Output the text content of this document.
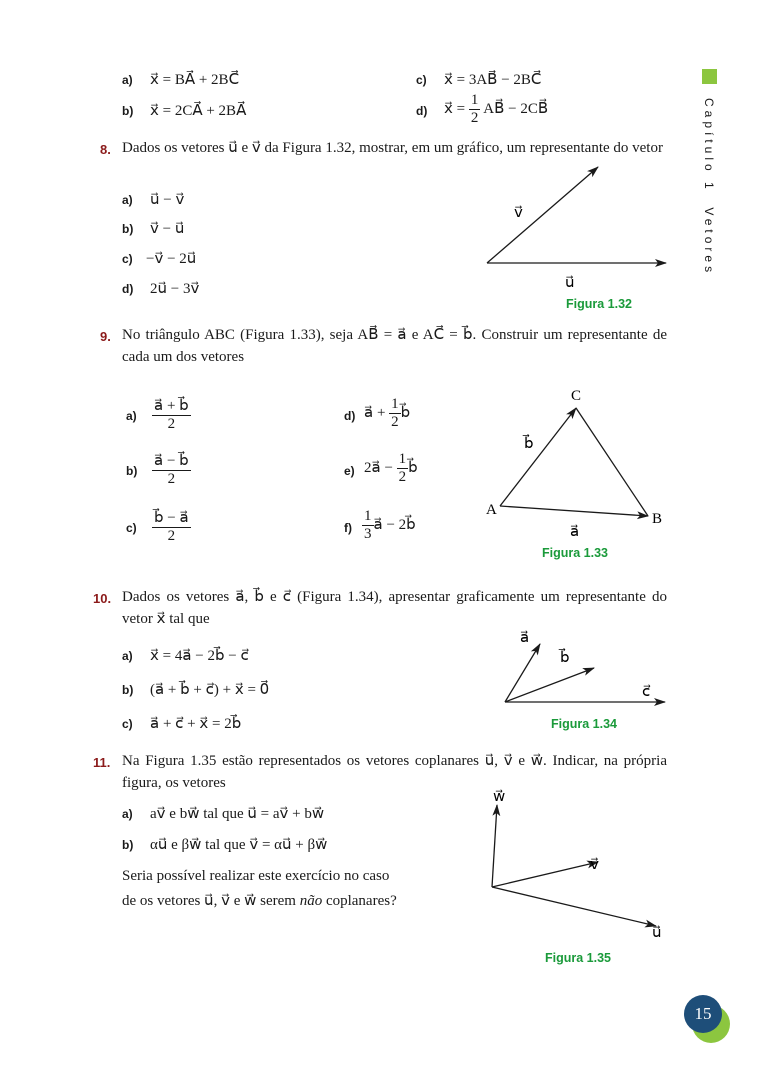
Capítulo 1  Vetores
a) x⃗ = BA⃗ + 2BC⃗
b) x⃗ = 2CA⃗ + 2BA⃗
c) x⃗ = 3AB⃗ − 2BC⃗
d) x⃗ = $\frac{1}{2}$ AB⃗ − 2CB⃗
8. Dados os vetores u⃗ e v⃗ da Figura 1.32, mostrar, em um gráfico, um representante do vetor
a) u⃗ − v⃗
b) v⃗ − u⃗
c) −v⃗ − 2u⃗
d) 2u⃗ − 3v⃗
v⃗
u⃗
Figura 1.32
9. No triângulo ABC (Figura 1.33), seja AB⃗ = a⃗ e AC⃗ = b⃗. Construir um representante de cada um dos vetores
$a) \frac{a⃗ + b⃗}{2}$
$b) \frac{a⃗ - b⃗}{2}$
$c) \frac{b⃗ - a⃗}{2}$
d) a⃗ + $\frac{1}{2}$ b⃗
e) 2a⃗ − $\frac{1}{2}$ b⃗
$f) \frac{1}{3}$ a⃗ − 2b⃗
C
A
B
b⃗
a⃗
Figura 1.33
10. Dados os vetores a⃗, b⃗ e c⃗ (Figura 1.34), apresentar graficamente um representante do vetor x⃗ tal que
a) x⃗ = 4a⃗ − 2b⃗ − c⃗
b) (a⃗ + b⃗ + c⃗) + x⃗ = 0⃗
c) a⃗ + c⃗ + x⃗ = 2b⃗
a⃗
b⃗
c⃗
Figura 1.34
11. Na Figura 1.35 estão representados os vetores coplanares u⃗, v⃗ e w⃗. Indicar, na própria figura, os vetores
a) av⃗ e bw⃗ tal que u⃗ = av⃗ + bw⃗
b) αu⃗ e βw⃗ tal que v⃗ = αu⃗ + βw⃗
Seria possível realizar este exercício no caso
de os vetores u⃗, v⃗ e w⃗ serem não coplanares?
w⃗
v⃗
u⃗
Figura 1.35
15
